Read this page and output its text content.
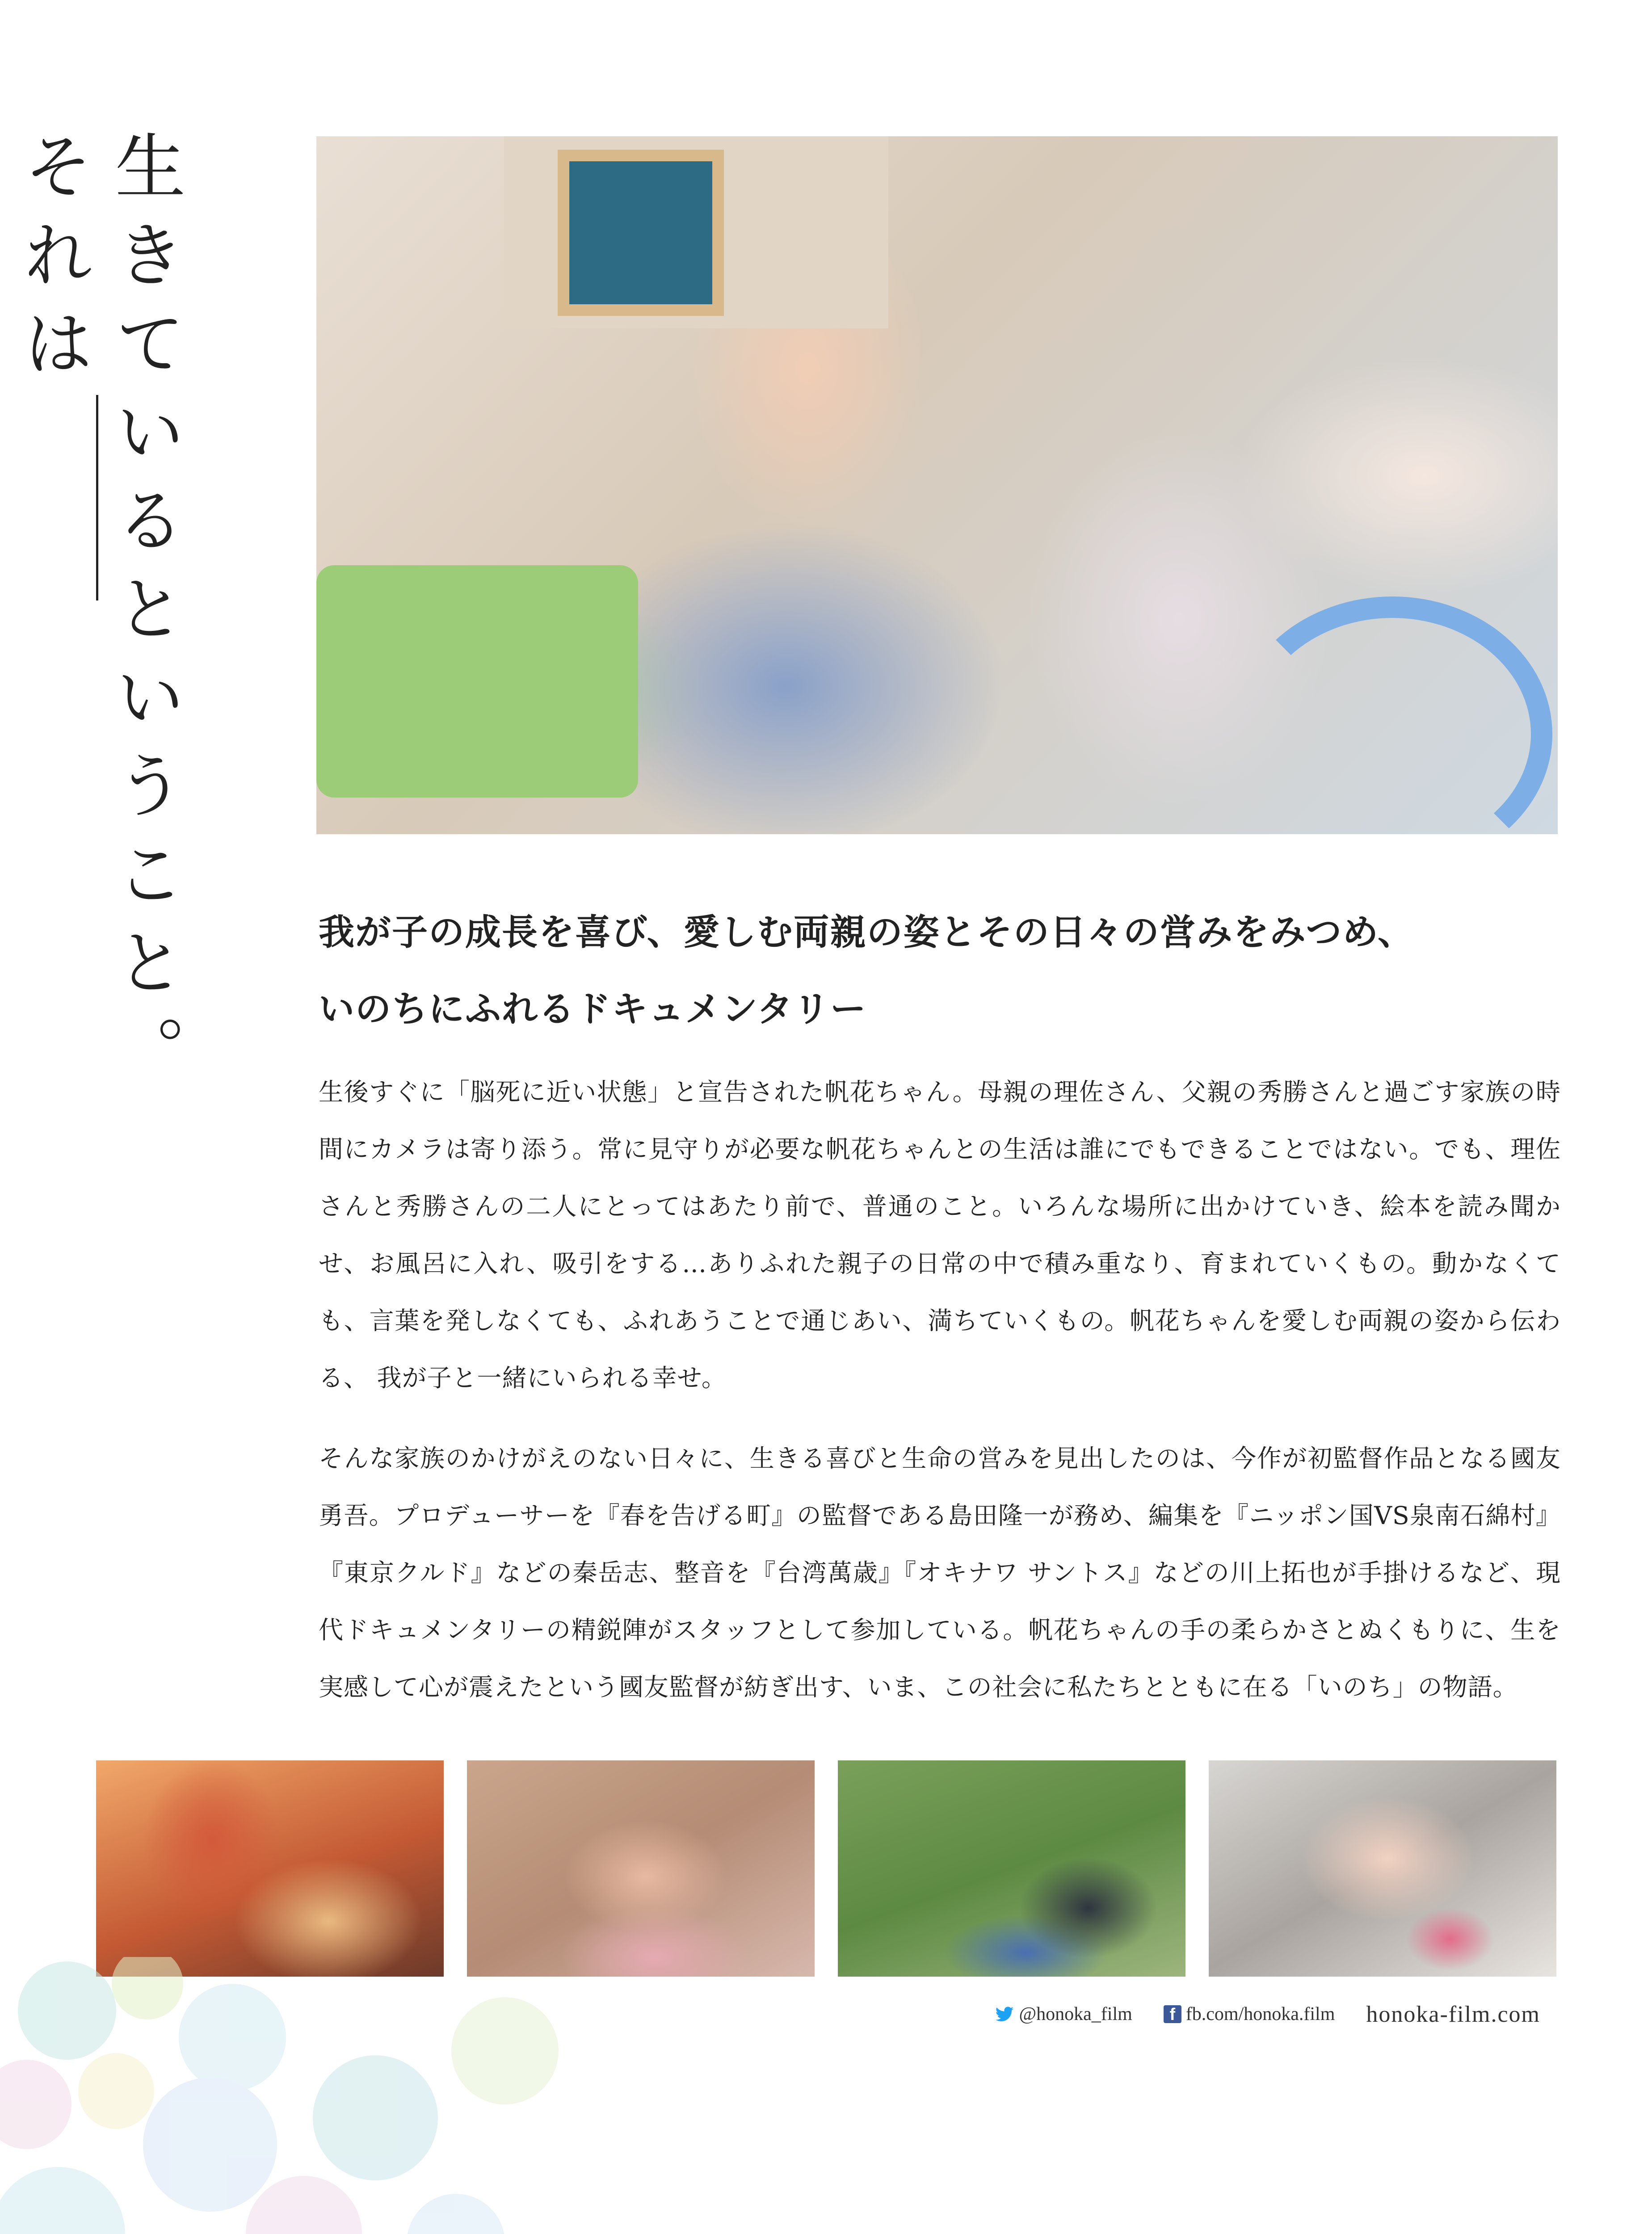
生きているということ。
それは
我が子の成長を喜び、愛しむ両親の姿とその日々の営みをみつめ、
いのちにふれるドキュメンタリー

生後すぐに「脳死に近い状態」と宣告された帆花ちゃん。母親の理佐さん、父親の秀勝さんと過ごす家族の時間にカメラは寄り添う。常に見守りが必要な帆花ちゃんとの生活は誰にでもできることではない。でも、理佐さんと秀勝さんの二人にとってはあたり前で、普通のこと。いろんな場所に出かけていき、絵本を読み聞かせ、お風呂に入れ、吸引をする…ありふれた親子の日常の中で積み重なり、育まれていくもの。動かなくても、言葉を発しなくても、ふれあうことで通じあい、満ちていくもの。帆花ちゃんを愛しむ両親の姿から伝わる、 我が子と一緒にいられる幸せ。

そんな家族のかけがえのない日々に、生きる喜びと生命の営みを見出したのは、今作が初監督作品となる國友勇吾。プロデューサーを『春を告げる町』の監督である島田隆一が務め、編集を『ニッポン国VS泉南石綿村』『東京クルド』などの秦岳志、整音を『台湾萬歳』『オキナワ サントス』などの川上拓也が手掛けるなど、現代ドキュメンタリーの精鋭陣がスタッフとして参加している。帆花ちゃんの手の柔らかさとぬくもりに、生を実感して心が震えたという國友監督が紡ぎ出す、いま、この社会に私たちとともに在る「いのち」の物語。

@honoka_film	f fb.com/honoka.film honoka-film.com
